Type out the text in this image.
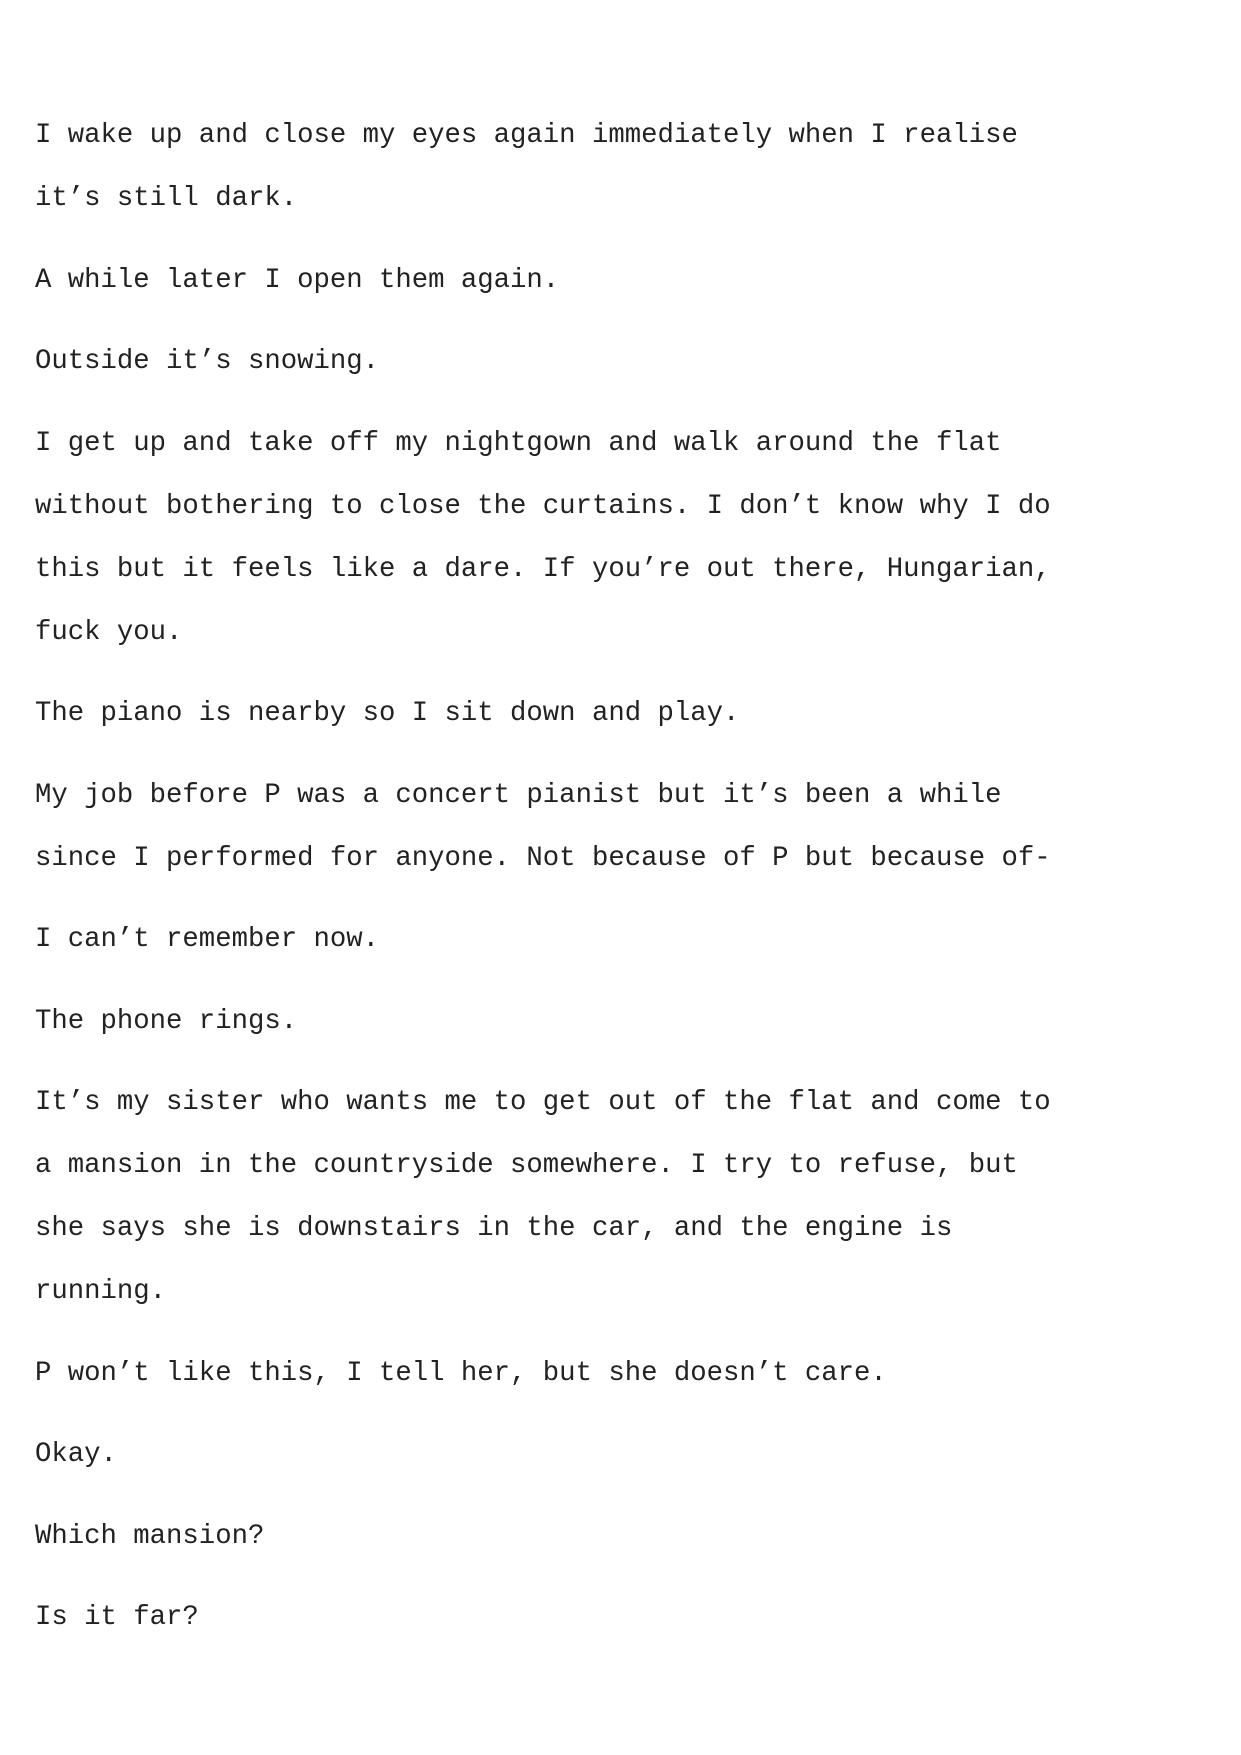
I wake up and close my eyes again immediately when I realise
it’s still dark.
A while later I open them again.
Outside it’s snowing.
I get up and take off my nightgown and walk around the flat
without bothering to close the curtains. I don’t know why I do
this but it feels like a dare. If you’re out there, Hungarian,
fuck you.
The piano is nearby so I sit down and play.
My job before P was a concert pianist but it’s been a while
since I performed for anyone. Not because of P but because of-
I can’t remember now.
The phone rings.
It’s my sister who wants me to get out of the flat and come to
a mansion in the countryside somewhere. I try to refuse, but
she says she is downstairs in the car, and the engine is
running.
P won’t like this, I tell her, but she doesn’t care.
Okay.
Which mansion?
Is it far?
